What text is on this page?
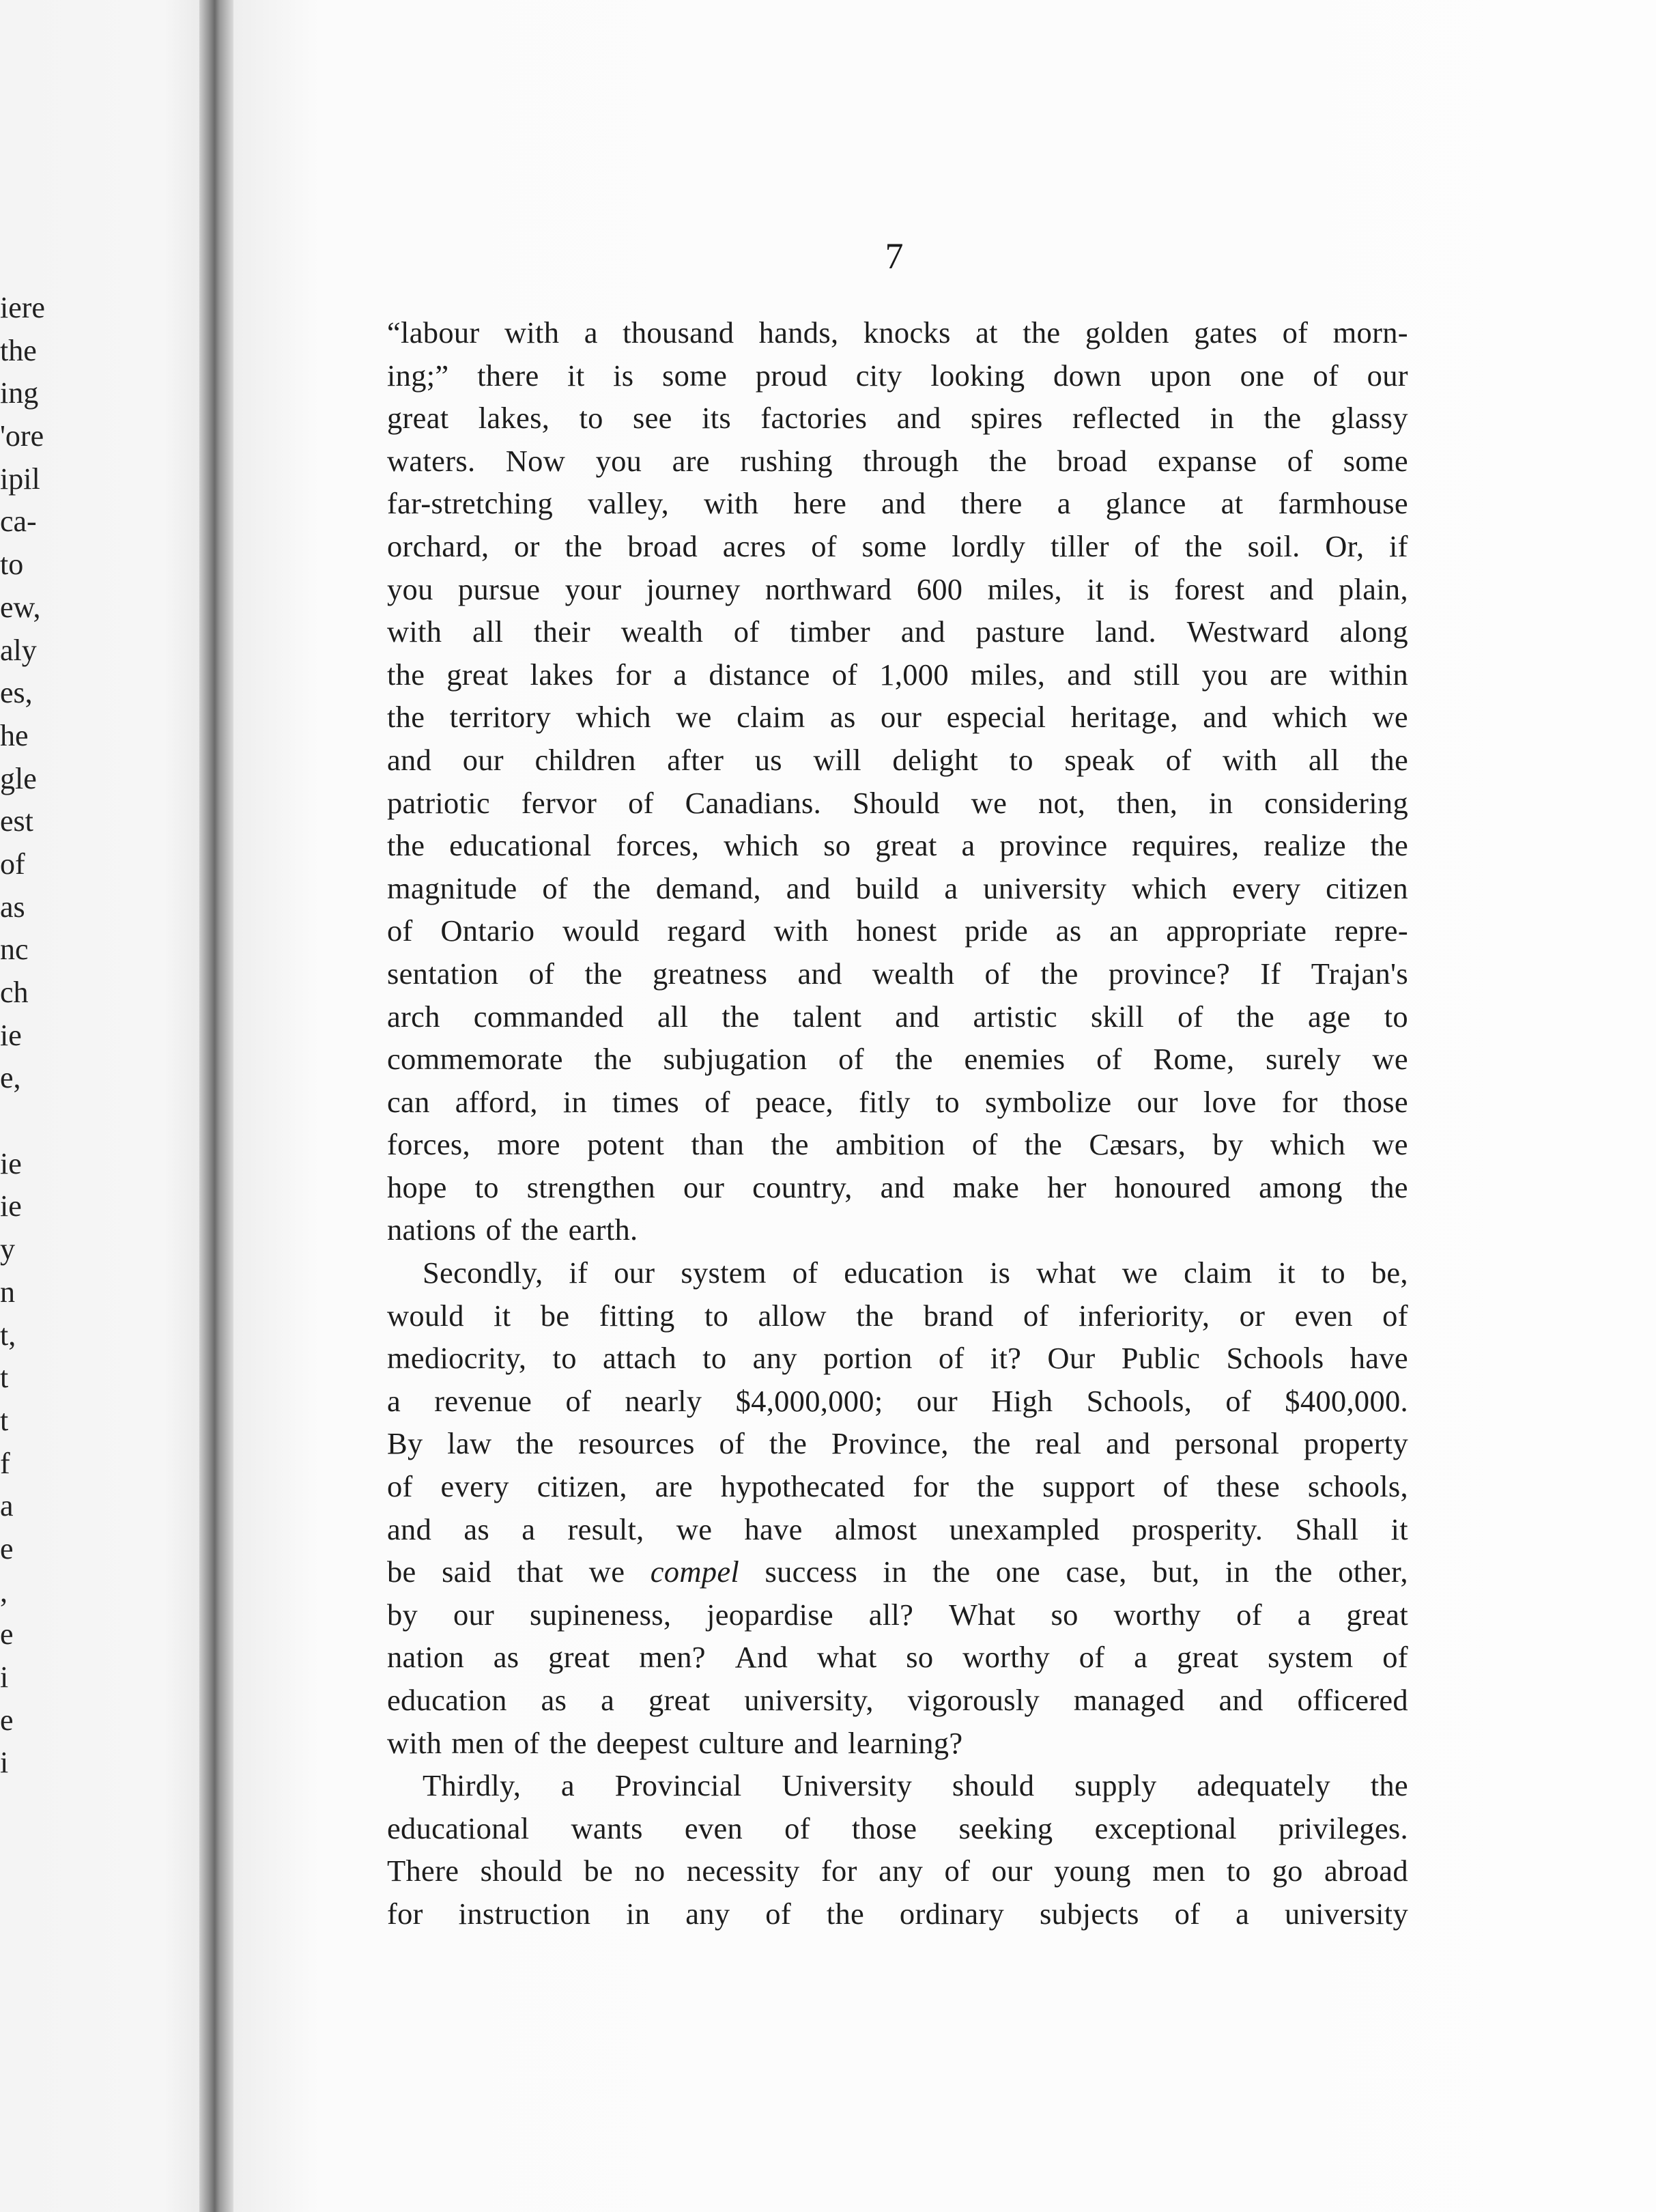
iere
the
ing
'ore
ipil
ca-
to
ew,
aly
es,
he
gle
est
of
as
nc
ch
ie
e,
ie
ie
y
n
t,
t
t
f
a
e
,
e
i
e
i
7
“labour with a thousand hands, knocks at the golden gates of morn-
ing;” there it is some proud city looking down upon one of our
great lakes, to see its factories and spires reflected in the glassy
waters. Now you are rushing through the broad expanse of some
far-stretching valley, with here and there a glance at farmhouse
orchard, or the broad acres of some lordly tiller of the soil. Or, if
you pursue your journey northward 600 miles, it is forest and plain,
with all their wealth of timber and pasture land. Westward along
the great lakes for a distance of 1,000 miles, and still you are within
the territory which we claim as our especial heritage, and which we
and our children after us will delight to speak of with all the
patriotic fervor of Canadians. Should we not, then, in considering
the educational forces, which so great a province requires, realize the
magnitude of the demand, and build a university which every citizen
of Ontario would regard with honest pride as an appropriate repre-
sentation of the greatness and wealth of the province? If Trajan's
arch commanded all the talent and artistic skill of the age to
commemorate the subjugation of the enemies of Rome, surely we
can afford, in times of peace, fitly to symbolize our love for those
forces, more potent than the ambition of the Cæsars, by which we
hope to strengthen our country, and make her honoured among the
nations of the earth.
Secondly, if our system of education is what we claim it to be,
would it be fitting to allow the brand of inferiority, or even of
mediocrity, to attach to any portion of it? Our Public Schools have
a revenue of nearly $4,000,000; our High Schools, of $400,000.
By law the resources of the Province, the real and personal property
of every citizen, are hypothecated for the support of these schools,
and as a result, we have almost unexampled prosperity. Shall it
be said that we compel success in the one case, but, in the other,
by our supineness, jeopardise all? What so worthy of a great
nation as great men? And what so worthy of a great system of
education as a great university, vigorously managed and officered
with men of the deepest culture and learning?
Thirdly, a Provincial University should supply adequately the
educational wants even of those seeking exceptional privileges.
There should be no necessity for any of our young men to go abroad
for instruction in any of the ordinary subjects of a university
